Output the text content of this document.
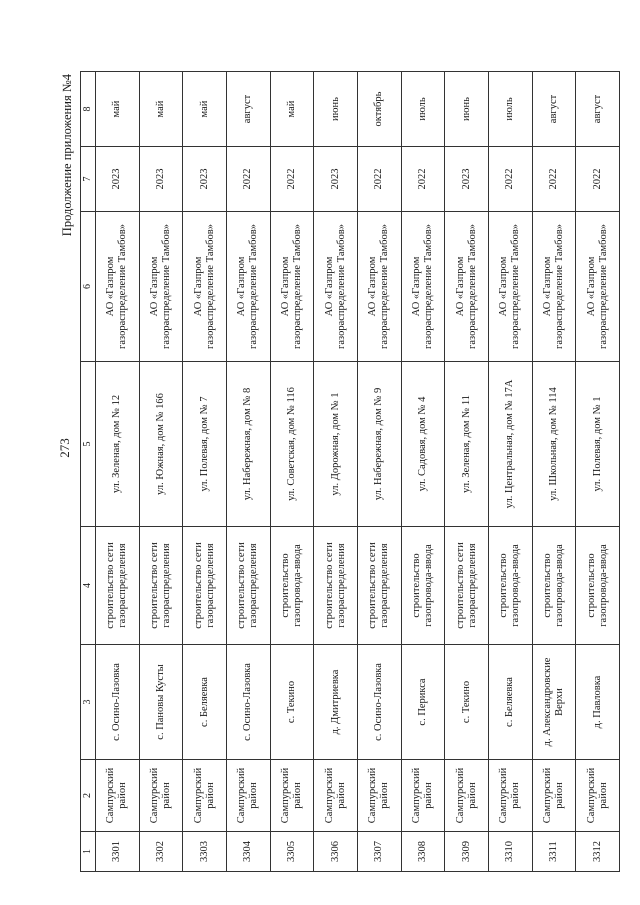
273
Продолжение приложения №4
1	2	3	4	5	6	7	8
3301	Сампурский район	с. Осино-Лазовка	строительство сети газораспределения	ул. Зеленая, дом № 12	АО «Газпром газораспределение Тамбов»	2023	май
3302	Сампурский район	с. Пановы Кусты	строительство сети газораспределения	ул. Южная, дом № 166	АО «Газпром газораспределение Тамбов»	2023	май
3303	Сампурский район	с. Беляевка	строительство сети газораспределения	ул. Полевая, дом № 7	АО «Газпром газораспределение Тамбов»	2023	май
3304	Сампурский район	с. Осино-Лазовка	строительство сети газораспределения	ул. Набережная, дом № 8	АО «Газпром газораспределение Тамбов»	2022	август
3305	Сампурский район	с. Текино	строительство газопровода-ввода	ул. Советская, дом № 116	АО «Газпром газораспределение Тамбов»	2022	май
3306	Сампурский район	д. Дмитриевка	строительство сети газораспределения	ул. Дорожная, дом № 1	АО «Газпром газораспределение Тамбов»	2023	июнь
3307	Сампурский район	с. Осино-Лазовка	строительство сети газораспределения	ул. Набережная, дом № 9	АО «Газпром газораспределение Тамбов»	2022	октябрь
3308	Сампурский район	с. Периксa	строительство газопровода-ввода	ул. Садовая, дом № 4	АО «Газпром газораспределение Тамбов»	2022	июль
3309	Сампурский район	с. Текино	строительство сети газораспределения	ул. Зеленая, дом № 11	АО «Газпром газораспределение Тамбов»	2023	июнь
3310	Сампурский район	с. Беляевка	строительство газопровода-ввода	ул. Центральная, дом № 17А	АО «Газпром газораспределение Тамбов»	2022	июль
3311	Сампурский район	д. Александровские Верхи	строительство газопровода-ввода	ул. Школьная, дом № 114	АО «Газпром газораспределение Тамбов»	2022	август
3312	Сампурский район	д. Павловка	строительство газопровода-ввода	ул. Полевая, дом № 1	АО «Газпром газораспределение Тамбов»	2022	август
